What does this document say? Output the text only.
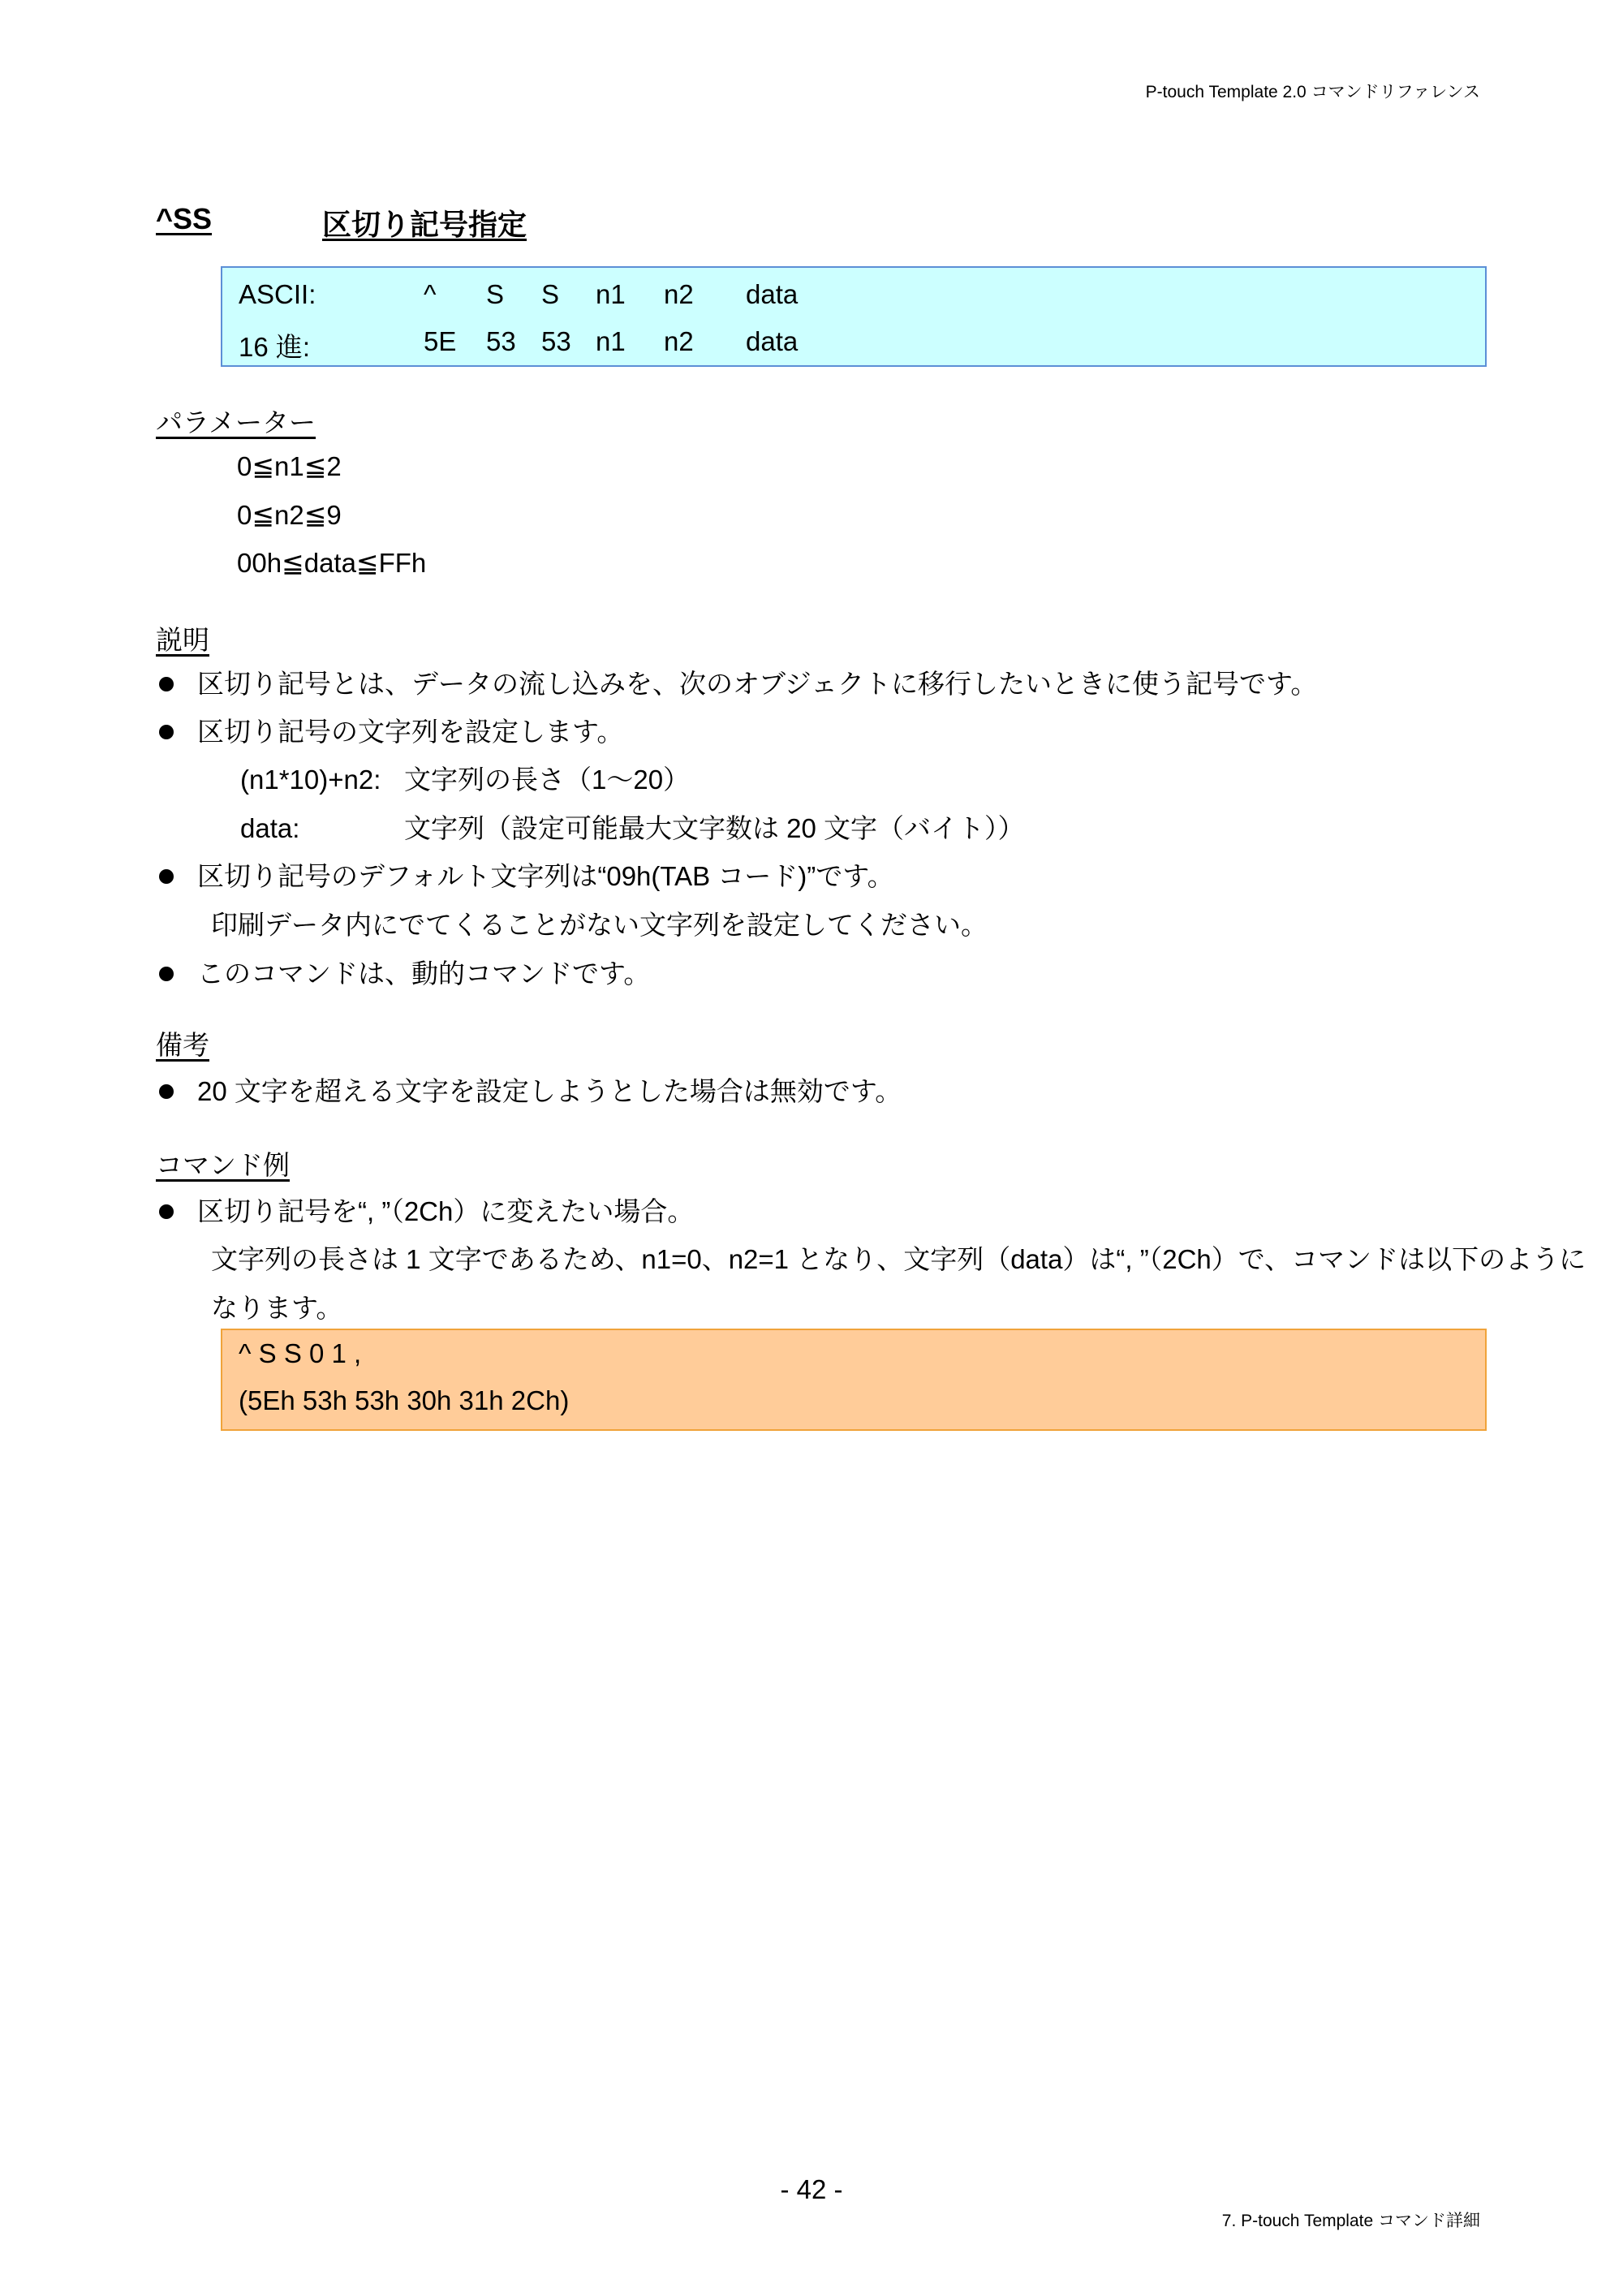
P-touch Template 2.0 コマンドリファレンス
^SS	区切り記号指定
ASCII:	^ S S n1 n2 data
16 進:	5E 53 53 n1 n2 data
パラメーター
0≦n1≦2
0≦n2≦9
00h≦data≦FFh
説明
区切り記号とは、データの流し込みを、次のオブジェクトに移行したいときに使う記号です。
区切り記号の文字列を設定します。
(n1*10)+n2: 文字列の長さ（1〜20）
data:	文字列（設定可能最大文字数は 20 文字（バイト））
区切り記号のデフォルト文字列は“09h(TAB コード)”です。
印刷データ内にでてくることがない文字列を設定してください。
このコマンドは、動的コマンドです。
備考
20 文字を超える文字を設定しようとした場合は無効です。
コマンド例
区切り記号を“, ”（2Ch）に変えたい場合。
文字列の長さは 1 文字であるため、n1=0、n2=1 となり、文字列（data）は“, ”（2Ch）で、コマンドは以下のように
なります。
^ S S 0 1 ,
(5Eh 53h 53h 30h 31h 2Ch)
- 42 -
7. P-touch Template コマンド詳細
